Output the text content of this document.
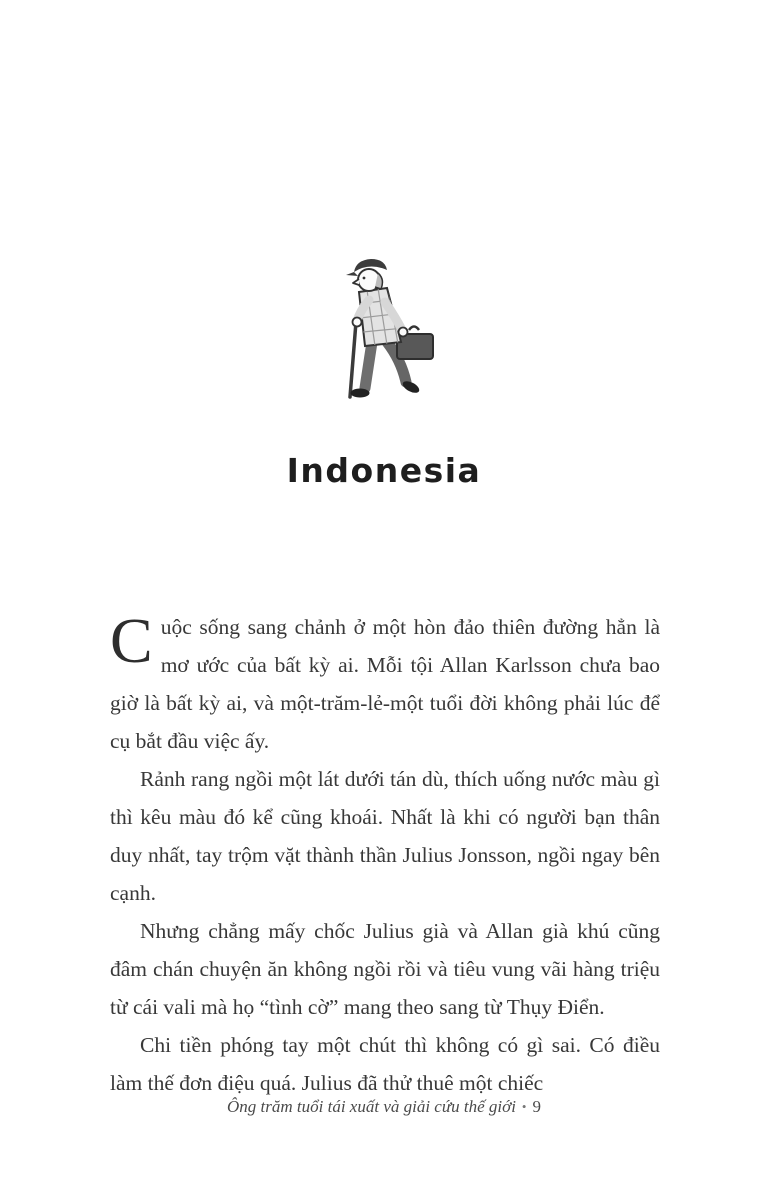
Indonesia

Cuộc sống sang chảnh ở một hòn đảo thiên đường hẳn là mơ ước của bất kỳ ai. Mỗi tội Allan Karlsson chưa bao giờ là bất kỳ ai, và một-trăm-lẻ-một tuổi đời không phải lúc để cụ bắt đầu việc ấy.

Rảnh rang ngồi một lát dưới tán dù, thích uống nước màu gì thì kêu màu đó kể cũng khoái. Nhất là khi có người bạn thân duy nhất, tay trộm vặt thành thần Julius Jonsson, ngồi ngay bên cạnh.

Nhưng chẳng mấy chốc Julius già và Allan già khú cũng đâm chán chuyện ăn không ngồi rồi và tiêu vung vãi hàng triệu từ cái vali mà họ “tình cờ” mang theo sang từ Thụy Điển.

Chi tiền phóng tay một chút thì không có gì sai. Có điều làm thế đơn điệu quá. Julius đã thử thuê một chiếc

Ông trăm tuổi tái xuất và giải cứu thế giới • 9
